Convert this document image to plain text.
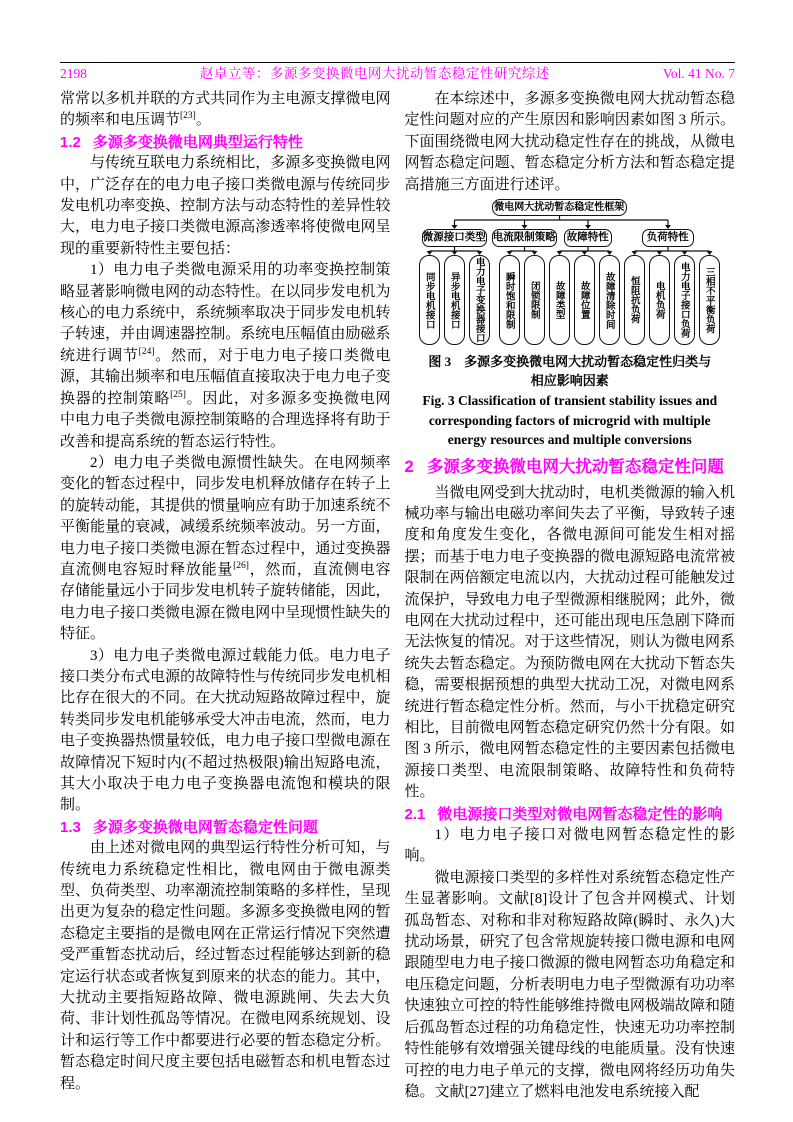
2198	赵卓立等：多源多变换微电网大扰动暂态稳定性研究综述	Vol. 41 No. 7

常常以多机并联的方式共同作为主电源支撑微电网的频率和电压调节[23]。

1.2 多源多变换微电网典型运行特性

与传统互联电力系统相比，多源多变换微电网中，广泛存在的电力电子接口类微电源与传统同步发电机功率变换、控制方法与动态特性的差异性较大，电力电子接口类微电源高渗透率将使微电网呈现的重要新特性主要包括：

1）电力电子类微电源采用的功率变换控制策略显著影响微电网的动态特性。在以同步发电机为核心的电力系统中，系统频率取决于同步发电机转子转速，并由调速器控制。系统电压幅值由励磁系统进行调节[24]。然而，对于电力电子接口类微电源，其输出频率和电压幅值直接取决于电力电子变换器的控制策略[25]。因此，对多源多变换微电网中电力电子类微电源控制策略的合理选择将有助于改善和提高系统的暂态运行特性。

2）电力电子类微电源惯性缺失。在电网频率变化的暂态过程中，同步发电机释放储存在转子上的旋转动能，其提供的惯量响应有助于加速系统不平衡能量的衰减，减缓系统频率波动。另一方面，电力电子接口类微电源在暂态过程中，通过变换器直流侧电容短时释放能量[26]，然而，直流侧电容存储能量远小于同步发电机转子旋转储能，因此，电力电子接口类微电源在微电网中呈现惯性缺失的特征。

3）电力电子类微电源过载能力低。电力电子接口类分布式电源的故障特性与传统同步发电机相比存在很大的不同。在大扰动短路故障过程中，旋转类同步发电机能够承受大冲击电流，然而，电力电子变换器热惯量较低，电力电子接口型微电源在故障情况下短时内(不超过热极限)输出短路电流，其大小取决于电力电子变换器电流饱和模块的限制。

1.3 多源多变换微电网暂态稳定性问题

由上述对微电网的典型运行特性分析可知，与传统电力系统稳定性相比，微电网由于微电源类型、负荷类型、功率潮流控制策略的多样性，呈现出更为复杂的稳定性问题。多源多变换微电网的暂态稳定主要指的是微电网在正常运行情况下突然遭受严重暂态扰动后，经过暂态过程能够达到新的稳定运行状态或者恢复到原来的状态的能力。其中，大扰动主要指短路故障、微电源跳闸、失去大负荷、非计划性孤岛等情况。在微电网系统规划、设计和运行等工作中都要进行必要的暂态稳定分析。暂态稳定时间尺度主要包括电磁暂态和机电暂态过程。

在本综述中，多源多变换微电网大扰动暂态稳定性问题对应的产生原因和影响因素如图 3 所示。下面围绕微电网大扰动稳定性存在的挑战，从微电网暂态稳定问题、暂态稳定分析方法和暂态稳定提高措施三方面进行述评。

微电网大扰动暂态稳定性框架
微源接口类型 电流限制策略 故障特性	负荷特性
同步电机接口	异步电机接口	电力电子变换器接口	瞬时饱和限制	闭锁限制	故障类型	故障位置	故障清除时间	恒阻抗负荷	电机负荷	电力电子接口负荷	三相不平衡负荷
图 3　多源多变换微电网大扰动暂态稳定性归类与
相应影响因素
Fig. 3 Classification of transient stability issues and corresponding factors of microgrid with multiple energy resources and multiple conversions
2 多源多变换微电网大扰动暂态稳定性问题

当微电网受到大扰动时，电机类微源的输入机械功率与输出电磁功率间失去了平衡，导致转子速度和角度发生变化，各微电源间可能发生相对摇摆；而基于电力电子变换器的微电源短路电流常被限制在两倍额定电流以内，大扰动过程可能触发过流保护，导致电力电子型微源相继脱网；此外，微电网在大扰动过程中，还可能出现电压急剧下降而无法恢复的情况。对于这些情况，则认为微电网系统失去暂态稳定。为预防微电网在大扰动下暂态失稳，需要根据预想的典型大扰动工况，对微电网系统进行暂态稳定性分析。然而，与小干扰稳定研究相比，目前微电网暂态稳定研究仍然十分有限。如图 3 所示，微电网暂态稳定性的主要因素包括微电源接口类型、电流限制策略、故障特性和负荷特性。

2.1 微电源接口类型对微电网暂态稳定性的影响

1）电力电子接口对微电网暂态稳定性的影响。

微电源接口类型的多样性对系统暂态稳定性产生显著影响。文献[8]设计了包含并网模式、计划孤岛暂态、对称和非对称短路故障(瞬时、永久)大扰动场景，研究了包含常规旋转接口微电源和电网跟随型电力电子接口微源的微电网暂态功角稳定和电压稳定问题，分析表明电力电子型微源有功功率快速独立可控的特性能够维持微电网极端故障和随后孤岛暂态过程的功角稳定性，快速无功功率控制特性能够有效增强关键母线的电能质量。没有快速可控的电力电子单元的支撑，微电网将经历功角失稳。文献[27]建立了燃料电池发电系统接入配
